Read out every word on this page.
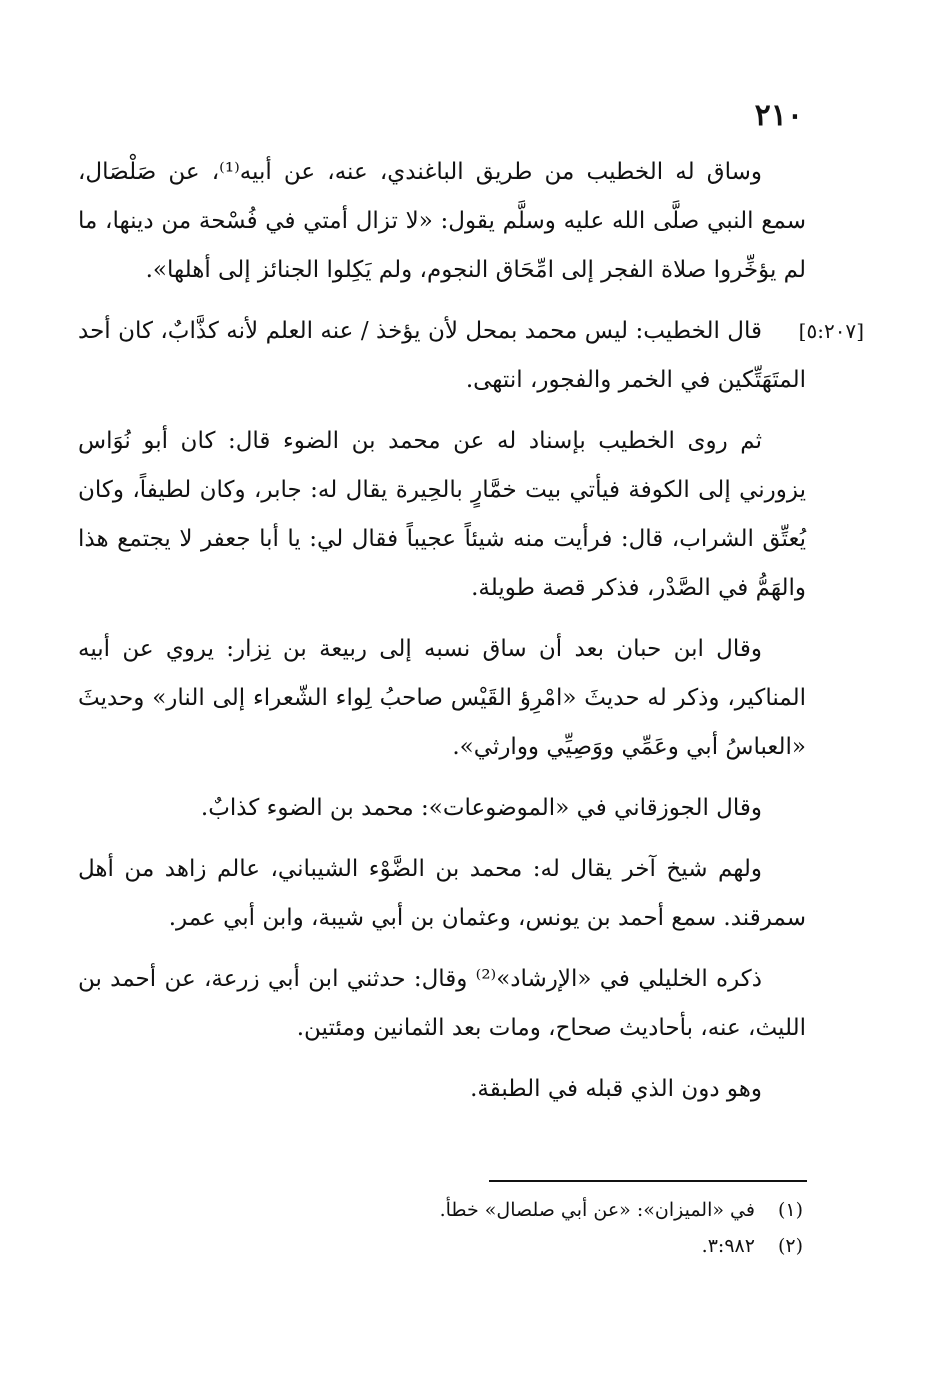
٢١٠

وساق له الخطيب من طريق الباغندي، عنه، عن أبيه⁽¹⁾، عن صَلْصَال، سمع النبي صلَّى الله عليه وسلَّم يقول: «لا تزال أمتي في فُسْحة من دينها، ما لم يؤخِّروا صلاة الفجر إلى امِّحَاق النجوم، ولم يَكِلوا الجنائز إلى أهلها».

[٥:٢٠٧]

قال الخطيب: ليس محمد بمحل لأن يؤخذ / عنه العلم لأنه كذَّابٌ، كان أحد المتَهَتِّكين في الخمر والفجور، انتهى.

ثم روى الخطيب بإسناد له عن محمد بن الضوء قال: كان أبو نُوَاس يزورني إلى الكوفة فيأتي بيت خمَّارٍ بالحِيرة يقال له: جابر، وكان لطيفاً، وكان يُعتِّق الشراب، قال: فرأيت منه شيئاً عجيباً فقال لي: يا أبا جعفر لا يجتمع هذا والهَمُّ في الصَّدْر، فذكر قصة طويلة.

وقال ابن حبان بعد أن ساق نسبه إلى ربيعة بن نِزار: يروي عن أبيه المناكير، وذكر له حديثَ «امْرِؤ القَيْس صاحبُ لِواء الشّعراء إلى النار» وحديثَ «العباسُ أبي وعَمِّي ووَصِيِّي ووارثي».

وقال الجوزقاني في «الموضوعات»: محمد بن الضوء كذابٌ.

ولهم شيخ آخر يقال له: محمد بن الضَّوْء الشيباني، عالم زاهد من أهل سمرقند. سمع أحمد بن يونس، وعثمان بن أبي شيبة، وابن أبي عمر.

ذكره الخليلي في «الإرشاد»⁽²⁾ وقال: حدثني ابن أبي زرعة، عن أحمد بن الليث، عنه، بأحاديث صحاح، ومات بعد الثمانين ومئتين.

وهو دون الذي قبله في الطبقة.

(١) في «الميزان»: «عن أبي صلصال» خطأ.

(٢) ٣:٩٨٢.
